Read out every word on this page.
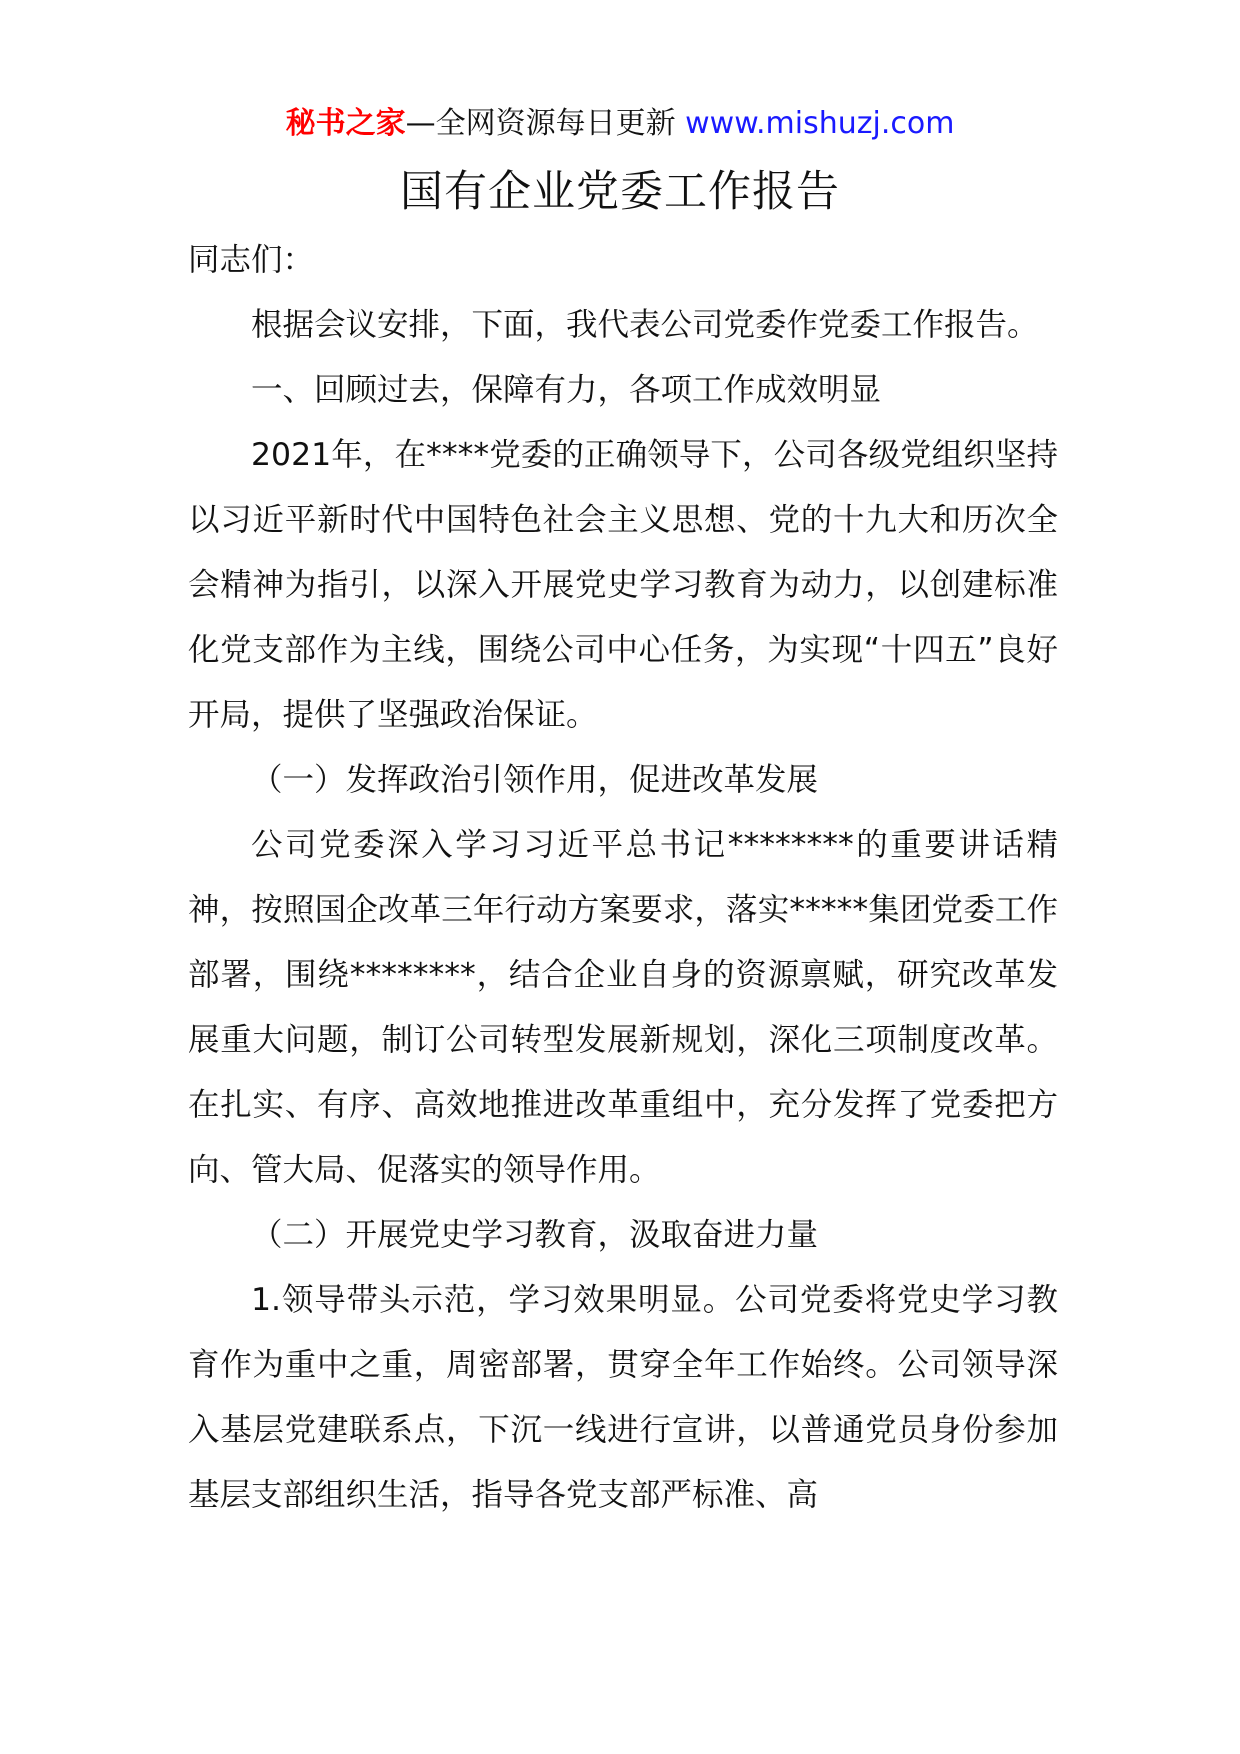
秘书之家—全网资源每日更新 www.mishuzj.com
国有企业党委工作报告

同志们：

根据会议安排，下面，我代表公司党委作党委工作报告。

一、回顾过去，保障有力，各项工作成效明显

2021年，在****党委的正确领导下，公司各级党组织坚持以习近平新时代中国特色社会主义思想、党的十九大和历次全会精神为指引，以深入开展党史学习教育为动力，以创建标准化党支部作为主线，围绕公司中心任务，为实现“十四五”良好开局，提供了坚强政治保证。

（一）发挥政治引领作用，促进改革发展

公司党委深入学习习近平总书记********的重要讲话精神，按照国企改革三年行动方案要求，落实*****集团党委工作部署，围绕********，结合企业自身的资源禀赋，研究改革发展重大问题，制订公司转型发展新规划，深化三项制度改革。在扎实、有序、高效地推进改革重组中，充分发挥了党委把方向、管大局、促落实的领导作用。

（二）开展党史学习教育，汲取奋进力量

1.领导带头示范，学习效果明显。公司党委将党史学习教育作为重中之重，周密部署，贯穿全年工作始终。公司领导深入基层党建联系点，下沉一线进行宣讲，以普通党员身份参加基层支部组织生活，指导各党支部严标准、高
